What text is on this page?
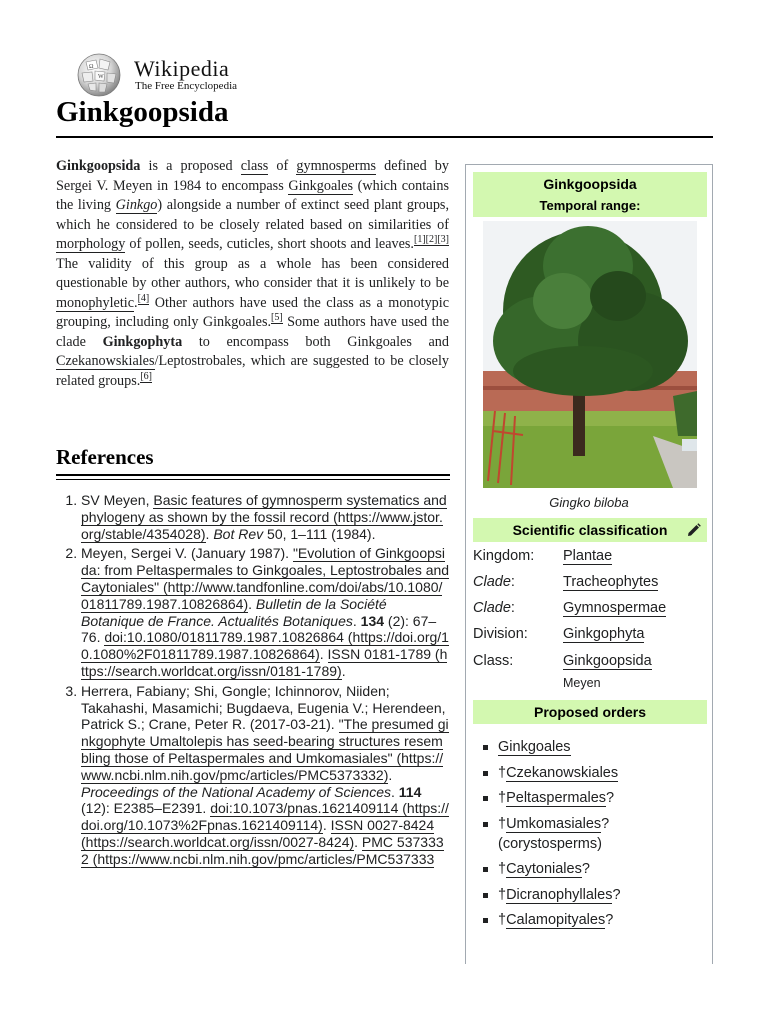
Ω
W Wikipedia
The Free Encyclopedia
Ginkgoopsida

Ginkgoopsida is a proposed class of gymnosperms defined by Sergei V. Meyen in 1984 to encompass Ginkgoales (which contains the living Ginkgo) alongside a number of extinct seed plant groups, which he considered to be closely related based on similarities of morphology of pollen, seeds, cuticles, short shoots and leaves.[1][2][3] The validity of this group as a whole has been considered questionable by other authors, who consider that it is unlikely to be monophyletic.[4] Other authors have used the class as a monotypic grouping, including only Ginkgoales.[5] Some authors have used the clade Ginkgophyta to encompass both Ginkgoales and Czekanowskiales/Leptostrobales, which are suggested to be closely related groups.[6]

References
1. SV Meyen, Basic features of gymnosperm systematics and phylogeny as shown by the fossil record (https://www.jstor.org/stable/4354028). Bot Rev 50, 1–111 (1984).
2. Meyen, Sergei V. (January 1987). "Evolution of Ginkgoopsida: from Peltaspermales to Ginkgoales, Leptostrobales and Caytoniales" (http://www.tandfonline.com/doi/abs/10.1080/01811789.1987.10826864). Bulletin de la Société Botanique de France. Actualités Botaniques. 134 (2): 67–76. doi:10.1080/01811789.1987.10826864 (https://doi.org/10.1080%2F01811789.1987.10826864). ISSN 0181-1789 (https://search.worldcat.org/issn/0181-1789).
3. Herrera, Fabiany; Shi, Gongle; Ichinnorov, Niiden; Takahashi, Masamichi; Bugdaeva, Eugenia V.; Herendeen, Patrick S.; Crane, Peter R. (2017-03-21). "The presumed ginkgophyte Umaltolepis has seed-bearing structures resembling those of Peltaspermales and Umkomasiales" (https://www.ncbi.nlm.nih.gov/pmc/articles/PMC5373332). Proceedings of the National Academy of Sciences. 114 (12): E2385–E2391. doi:10.1073/pnas.1621409114 (https://doi.org/10.1073%2Fpnas.1621409114). ISSN 0027-8424 (https://search.worldcat.org/issn/0027-8424). PMC 5373332 (https://www.ncbi.nlm.nih.gov/pmc/articles/PMC537333
Ginkgoopsida
Temporal range:
Gingko biloba
Scientific classification
Kingdom: Plantae
Clade:	Tracheophytes
Clade:	Gymnospermae
Division: Ginkgophyta
Class:	Ginkgoopsida
Meyen
Proposed orders
Ginkgoales
†Czekanowskiales
†Peltaspermales?
†Umkomasiales? (corystosperms)
†Caytoniales?
†Dicranophyllales?
†Calamopityales?
